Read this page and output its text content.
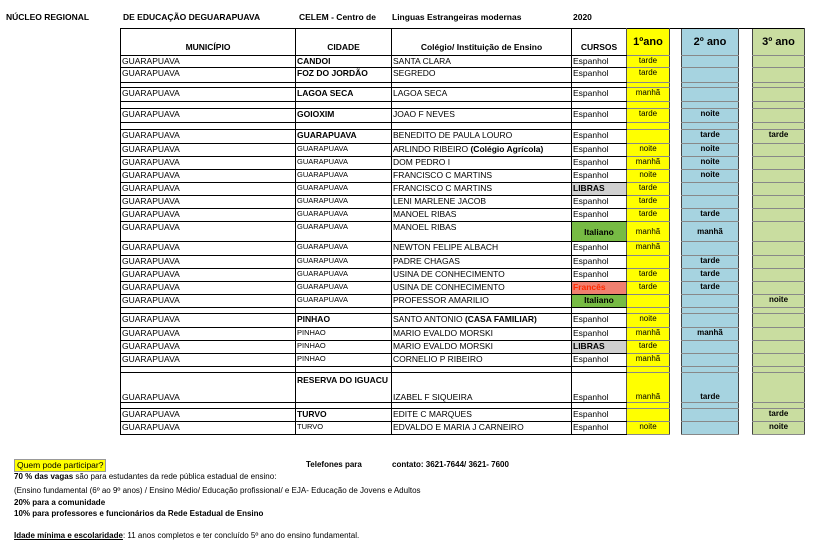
NÚCLEO REGIONAL	DE EDUCAÇÃO DEGUARAPUAVA	CELEM - Centro de Linguas Estrangeiras modernas	2020
MUNICÍPIO	CIDADE	Colégio/ Instituição de Ensino	CURSOS	1ºano		2º ano		3º ano
GUARAPUAVA	CANDOI	SANTA CLARA	Espanhol	tarde				
GUARAPUAVA	FOZ DO JORDÃO	SEGREDO	Espanhol	tarde				

GUARAPUAVA	LAGOA SECA	LAGOA SECA	Espanhol	manhã				

GUARAPUAVA	GOIOXIM	JOAO F NEVES	Espanhol	tarde		noite		

GUARAPUAVA	GUARAPUAVA	BENEDITO DE PAULA LOURO	Espanhol			tarde		tarde
GUARAPUAVA	GUARAPUAVA	ARLINDO RIBEIRO (Colégio Agrícola)	Espanhol	noite		noite		
GUARAPUAVA	GUARAPUAVA	DOM PEDRO I	Espanhol	manhã		noite		
GUARAPUAVA	GUARAPUAVA	FRANCISCO C MARTINS	Espanhol	noite		noite		
GUARAPUAVA	GUARAPUAVA	FRANCISCO C MARTINS	LIBRAS	tarde				
GUARAPUAVA	GUARAPUAVA	LENI MARLENE JACOB	Espanhol	tarde				
GUARAPUAVA	GUARAPUAVA	MANOEL RIBAS	Espanhol	tarde		tarde		
GUARAPUAVA	GUARAPUAVA	MANOEL RIBAS	Italiano	manhã		manhã		
GUARAPUAVA	GUARAPUAVA	NEWTON FELIPE ALBACH	Espanhol	manhã				
GUARAPUAVA	GUARAPUAVA	PADRE CHAGAS	Espanhol			tarde		
GUARAPUAVA	GUARAPUAVA	USINA DE CONHECIMENTO	Espanhol	tarde		tarde		
GUARAPUAVA	GUARAPUAVA	USINA DE CONHECIMENTO	Francês	tarde		tarde		
GUARAPUAVA	GUARAPUAVA	PROFESSOR AMARILIO	Italiano					noite

GUARAPUAVA	PINHAO	SANTO ANTONIO (CASA FAMILIAR)	Espanhol	noite				
GUARAPUAVA	PINHAO	MARIO EVALDO MORSKI	Espanhol	manhã		manhã		
GUARAPUAVA	PINHAO	MARIO EVALDO MORSKI	LIBRAS	tarde				
GUARAPUAVA	PINHAO	CORNELIO P RIBEIRO	Espanhol	manhã				

GUARAPUAVA	RESERVA DO IGUACU	IZABEL F SIQUEIRA	Espanhol	manhã		tarde		

GUARAPUAVA	TURVO	EDITE C MARQUES	Espanhol					tarde
GUARAPUAVA	TURVO	EDVALDO E MARIA J CARNEIRO	Espanhol	noite				noite
Quem pode participar?	Telefones para	contato: 3621-7644/ 3621- 7600
70 % das vagas são para estudantes da rede pública estadual de ensino:
(Ensino fundamental (6º ao 9º anos) / Ensino Médio/ Educação profissional/ e EJA- Educação de Jovens e Adultos
20% para a comunidade
10% para professores e funcionários da Rede Estadual de Ensino
Idade mínima e escolaridade: 11 anos completos e ter concluído 5º ano do ensino fundamental.
